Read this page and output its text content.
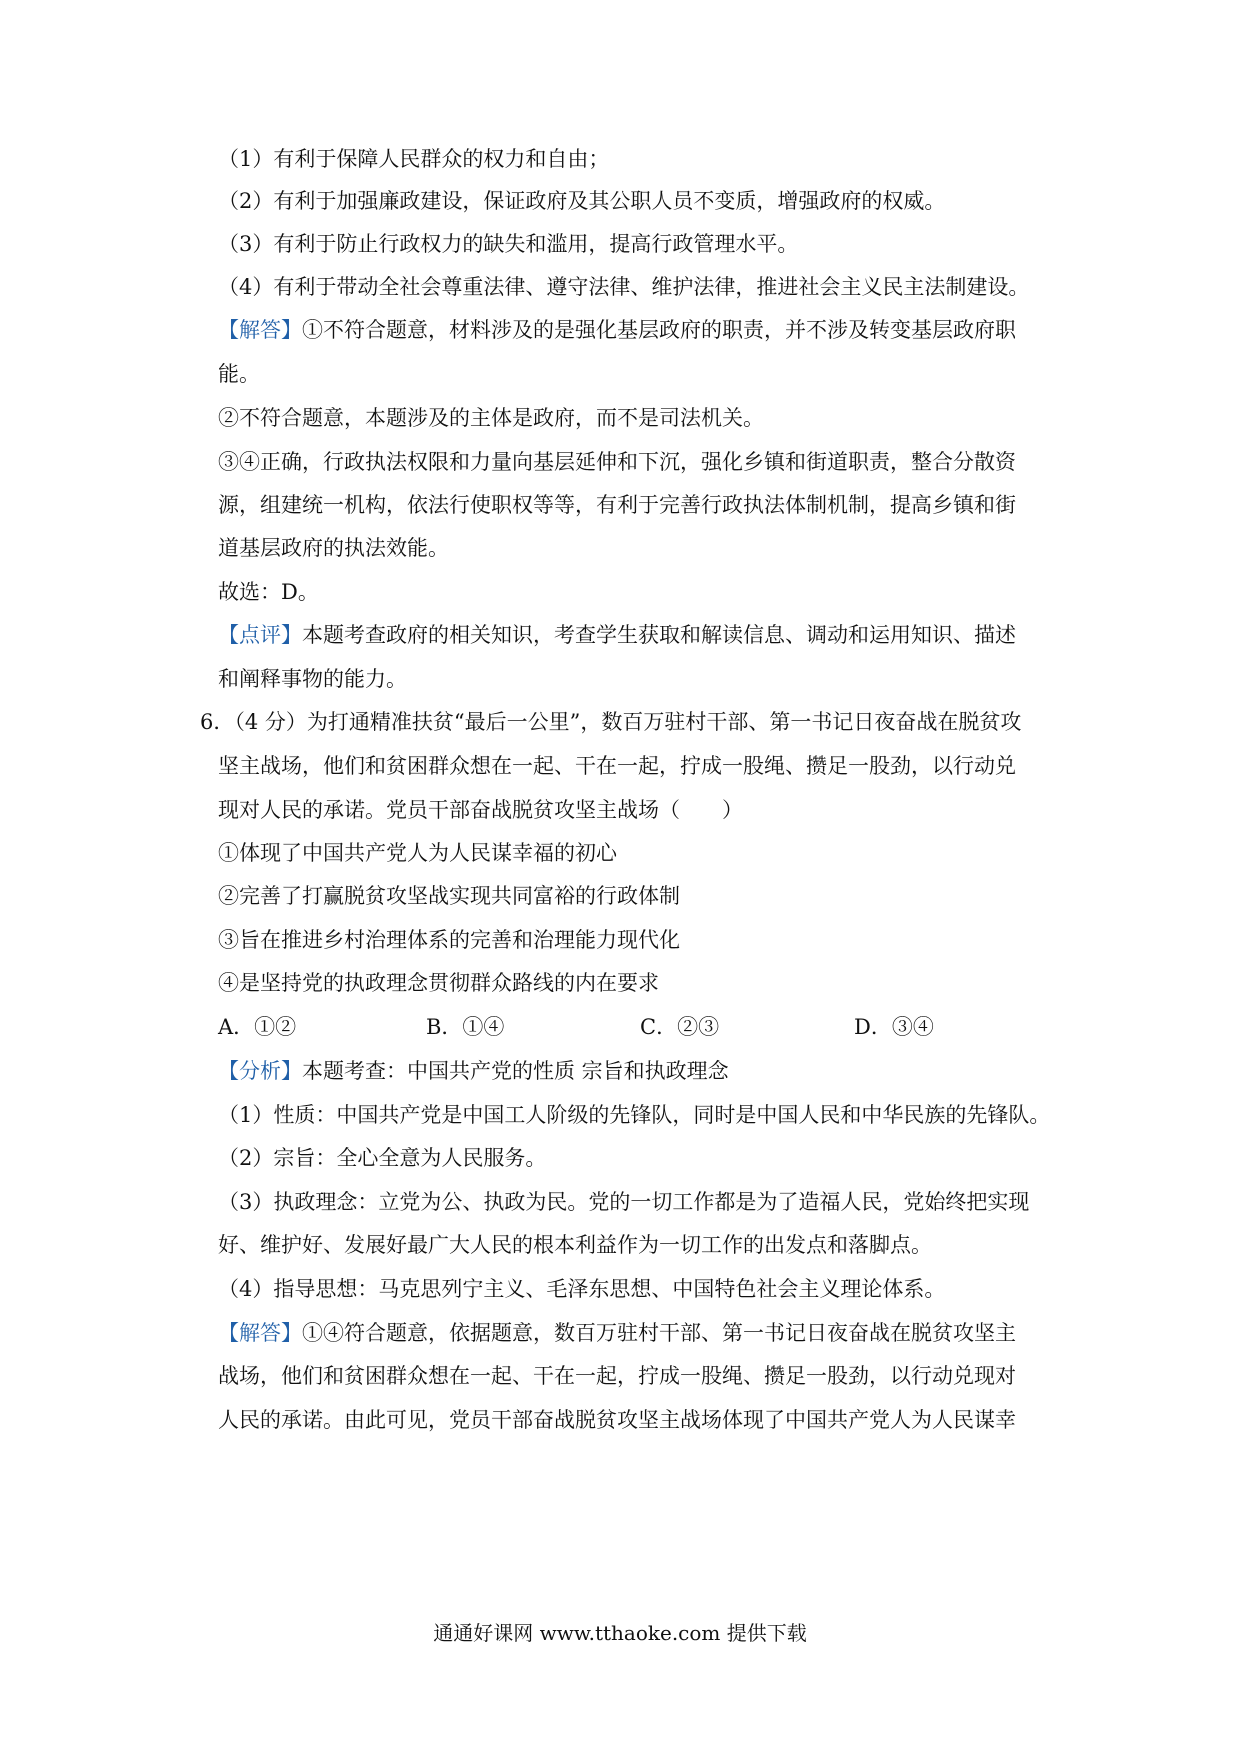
（1）有利于保障人民群众的权力和自由；
（2）有利于加强廉政建设，保证政府及其公职人员不变质，增强政府的权威。
（3）有利于防止行政权力的缺失和滥用，提高行政管理水平。
（4）有利于带动全社会尊重法律、遵守法律、维护法律，推进社会主义民主法制建设。
【解答】①不符合题意，材料涉及的是强化基层政府的职责，并不涉及转变基层政府职
能。
②不符合题意，本题涉及的主体是政府，而不是司法机关。
③④正确，行政执法权限和力量向基层延伸和下沉，强化乡镇和街道职责，整合分散资
源，组建统一机构，依法行使职权等等，有利于完善行政执法体制机制，提高乡镇和街
道基层政府的执法效能。
故选：D。
【点评】本题考查政府的相关知识，考查学生获取和解读信息、调动和运用知识、描述
和阐释事物的能力。
6．（4 分）为打通精准扶贫“最后一公里”，数百万驻村干部、第一书记日夜奋战在脱贫攻
坚主战场，他们和贫困群众想在一起、干在一起，拧成一股绳、攒足一股劲，以行动兑
现对人民的承诺。党员干部奋战脱贫攻坚主战场（　　）
①体现了中国共产党人为人民谋幸福的初心
②完善了打赢脱贫攻坚战实现共同富裕的行政体制
③旨在推进乡村治理体系的完善和治理能力现代化
④是坚持党的执政理念贯彻群众路线的内在要求
A．①②	B．①④	C．②③	D．③④
【分析】本题考查：中国共产党的性质 宗旨和执政理念
（1）性质：中国共产党是中国工人阶级的先锋队，同时是中国人民和中华民族的先锋队。
（2）宗旨：全心全意为人民服务。
（3）执政理念：立党为公、执政为民。党的一切工作都是为了造福人民，党始终把实现
好、维护好、发展好最广大人民的根本利益作为一切工作的出发点和落脚点。
（4）指导思想：马克思列宁主义、毛泽东思想、中国特色社会主义理论体系。
【解答】①④符合题意，依据题意，数百万驻村干部、第一书记日夜奋战在脱贫攻坚主
战场，他们和贫困群众想在一起、干在一起，拧成一股绳、攒足一股劲，以行动兑现对
人民的承诺。由此可见，党员干部奋战脱贫攻坚主战场体现了中国共产党人为人民谋幸
通通好课网 www.tthaoke.com 提供下载
